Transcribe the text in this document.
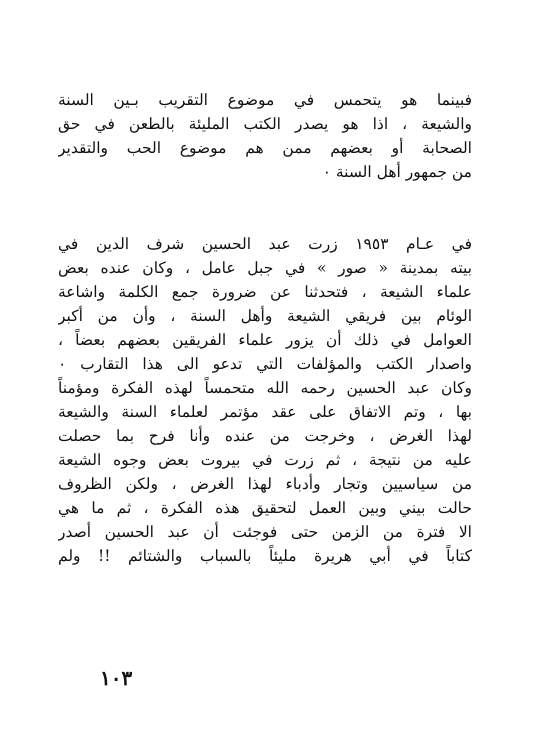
فبينما هو يتحمس في موضوع التقريب بـين السنة
والشيعة ، اذا هو يصدر الكتب المليئة بالطعن في حق
الصحابة أو بعضهم ممن هم موضوع الحب والتقدير
من جمهور أهل السنة ٠
في عـام ١٩٥٣ زرت عبد الحسين شرف الدين في
بيته بمدينة « صور » في جبل عامل ، وكان عنده بعض
علماء الشيعة ، فتحدثنا عن ضرورة جمع الكلمة واشاعة
الوئام بين فريقي الشيعة وأهل السنة ، وأن من أكبر
العوامل في ذلك أن يزور علماء الفريقين بعضهم بعضاً ،
واصدار الكتب والمؤلفات التي تدعو الى هذا التقارب ٠
وكان عبد الحسين رحمه الله متحمساً لهذه الفكرة ومؤمناً
بها ، وتم الاتفاق على عقد مؤتمر لعلماء السنة والشيعة
لهذا الغرض ، وخرجت من عنده وأنا فرح بما حصلت
عليه من نتيجة ، ثم زرت في بيروت بعض وجوه الشيعة
من سياسيين وتجار وأدباء لهذا الغرض ، ولكن الظروف
حالت بيني وبين العمل لتحقيق هذه الفكرة ، ثم ما هي
الا فترة من الزمن حتى فوجئت أن عبد الحسين أصدر
كتاباً في أبي هريرة مليئاً بالسباب والشتائم !! ولم
١٠٣
